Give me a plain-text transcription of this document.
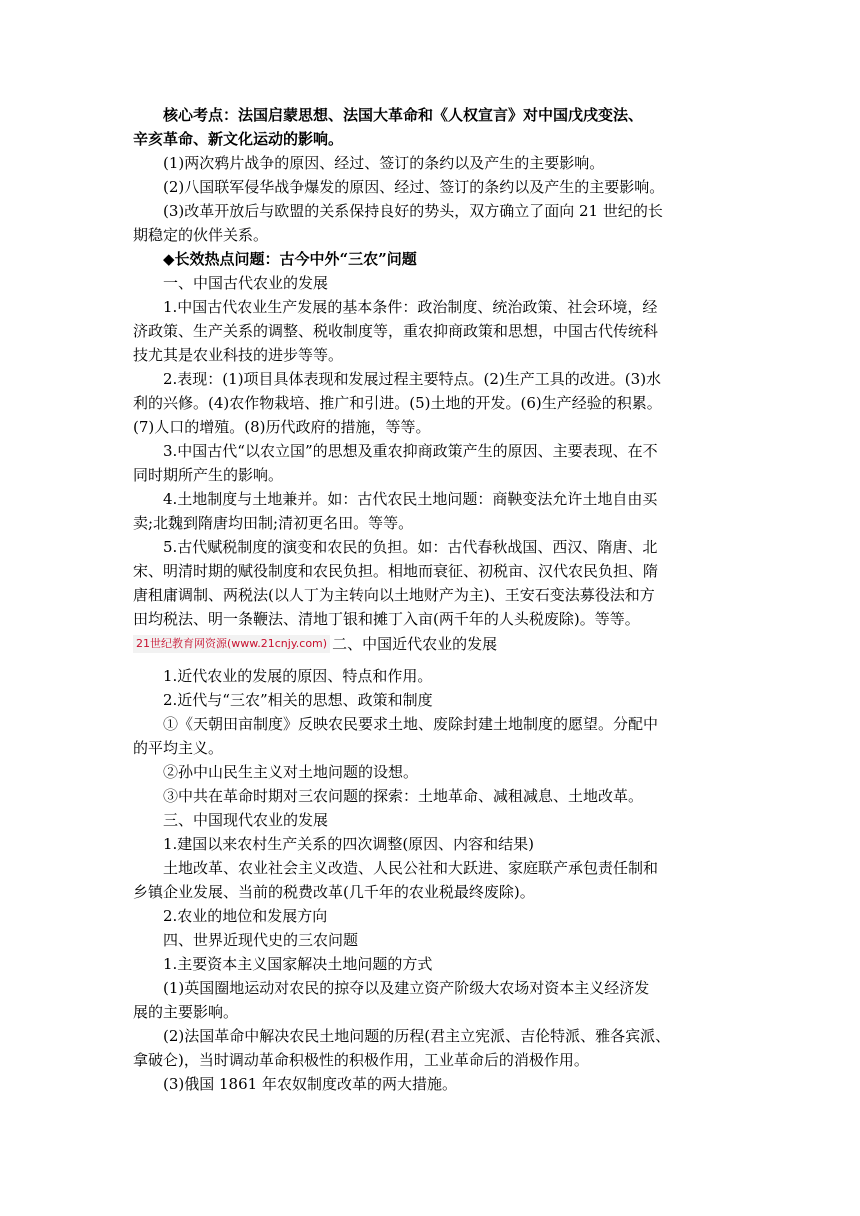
核心考点：法国启蒙思想、法国大革命和《人权宣言》对中国戊戌变法、
辛亥革命、新文化运动的影响。
(1)两次鸦片战争的原因、经过、签订的条约以及产生的主要影响。
(2)八国联军侵华战争爆发的原因、经过、签订的条约以及产生的主要影响。
(3)改革开放后与欧盟的关系保持良好的势头，双方确立了面向 21 世纪的长
期稳定的伙伴关系。
◆长效热点问题：古今中外“三农”问题
一、中国古代农业的发展
1.中国古代农业生产发展的基本条件：政治制度、统治政策、社会环境，经
济政策、生产关系的调整、税收制度等，重农抑商政策和思想，中国古代传统科
技尤其是农业科技的进步等等。
2.表现：(1)项目具体表现和发展过程主要特点。(2)生产工具的改进。(3)水
利的兴修。(4)农作物栽培、推广和引进。(5)土地的开发。(6)生产经验的积累。
(7)人口的增殖。(8)历代政府的措施，等等。
3.中国古代“以农立国”的思想及重农抑商政策产生的原因、主要表现、在不
同时期所产生的影响。
4.土地制度与土地兼并。如：古代农民土地问题：商鞅变法允许土地自由买
卖;北魏到隋唐均田制;清初更名田。等等。
5.古代赋税制度的演变和农民的负担。如：古代春秋战国、西汉、隋唐、北
宋、明清时期的赋役制度和农民负担。相地而衰征、初税亩、汉代农民负担、隋
唐租庸调制、两税法(以人丁为主转向以土地财产为主)、王安石变法募役法和方
田均税法、明一条鞭法、清地丁银和摊丁入亩(两千年的人头税废除)。等等。
21世纪教育网资源(www.21cnjy.com) 二、中国近代农业的发展
1.近代农业的发展的原因、特点和作用。
2.近代与“三农”相关的思想、政策和制度
①《天朝田亩制度》反映农民要求土地、废除封建土地制度的愿望。分配中
的平均主义。
②孙中山民生主义对土地问题的设想。
③中共在革命时期对三农问题的探索：土地革命、减租减息、土地改革。
三、中国现代农业的发展
1.建国以来农村生产关系的四次调整(原因、内容和结果)
土地改革、农业社会主义改造、人民公社和大跃进、家庭联产承包责任制和
乡镇企业发展、当前的税费改革(几千年的农业税最终废除)。
2.农业的地位和发展方向
四、世界近现代史的三农问题
1.主要资本主义国家解决土地问题的方式
(1)英国圈地运动对农民的掠夺以及建立资产阶级大农场对资本主义经济发
展的主要影响。
(2)法国革命中解决农民土地问题的历程(君主立宪派、吉伦特派、雅各宾派、
拿破仑)，当时调动革命积极性的积极作用，工业革命后的消极作用。
(3)俄国 1861 年农奴制度改革的两大措施。
